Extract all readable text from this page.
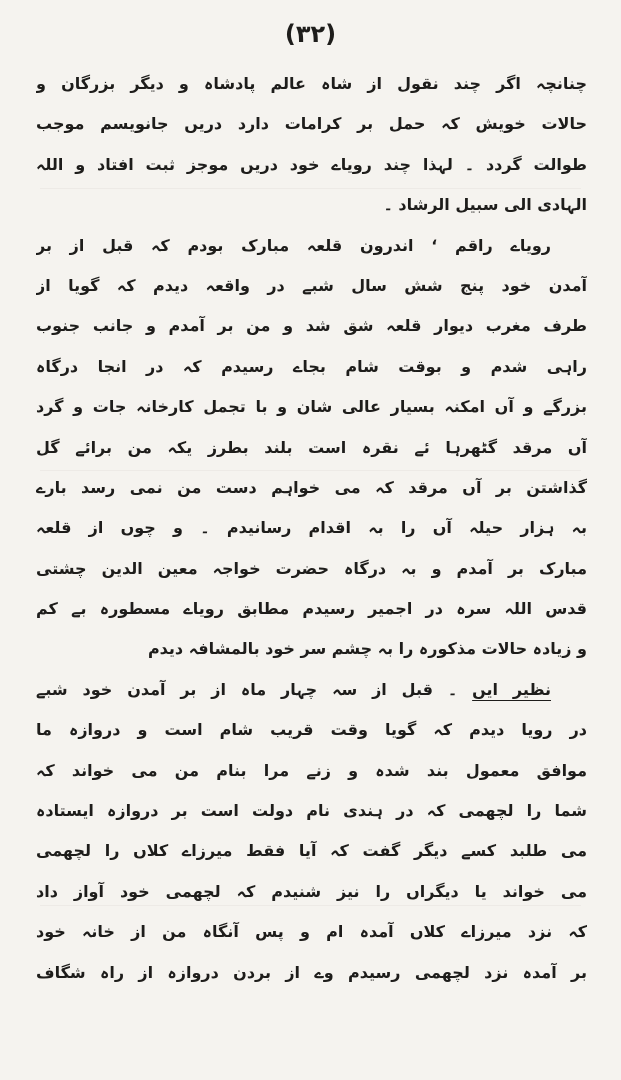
(۳۲)
چنانچہ اگر چند نقول از شاہ عالم پادشاہ و دیگر بزرگان و
حالات خویش کہ حمل بر کرامات دارد دریں جانویسم موجب
طوالت گردد ۔ لہذا چند رویاے خود دریں موجز ثبت افتاد و اللہ
الہادی الی سبیل الرشاد ۔
رویاے راقم ‘ اندرون قلعہ مبارک بودم کہ قبل از بر
آمدن خود پنج شش سال شبے در واقعہ دیدم کہ گویا از
طرف مغرب دیوار قلعہ شق شد و من بر آمدم و جانب جنوب
راہی شدم و بوقت شام بجاے رسیدم کہ در انجا درگاہ
بزرگے و آں امکنہ بسیار عالی شان و با تجمل کارخانہ جات و گرد
آں مرقد گٹھرہا ئے نقرہ است بلند بطرز یکہ من برائے گل
گذاشتن بر آں مرقد کہ می خواہم دست من نمی رسد بارے
بہ ہزار حیلہ آں را بہ اقدام رسانیدم ۔ و چوں از قلعہ
مبارک بر آمدم و بہ درگاہ حضرت خواجہ معین الدین چشتی
قدس اللہ سرہ در اجمیر رسیدم مطابق رویاے مسطورہ بے کم
و زیادہ حالات مذکورہ را بہ چشم سر خود بالمشافہ دیدم
نظیر ایں ۔ قبل از سہ چہار ماہ از بر آمدن خود شبے
در رویا دیدم کہ گویا وقت قریب شام است و دروازہ ما
موافق معمول بند شدہ و زنے مرا بنام من می خواند کہ
شما را لچھمی کہ در ہندی نام دولت است بر دروازہ ایستادہ
می طلبد کسے دیگر گفت کہ آیا فقط میرزاے کلاں را لچھمی
می خواند یا دیگراں را نیز شنیدم کہ لچھمی خود آواز داد
کہ نزد میرزاے کلاں آمدہ ام و پس آنگاہ من از خانہ خود
بر آمدہ نزد لچھمی رسیدم وے از بردن دروازہ از راہ شگاف
